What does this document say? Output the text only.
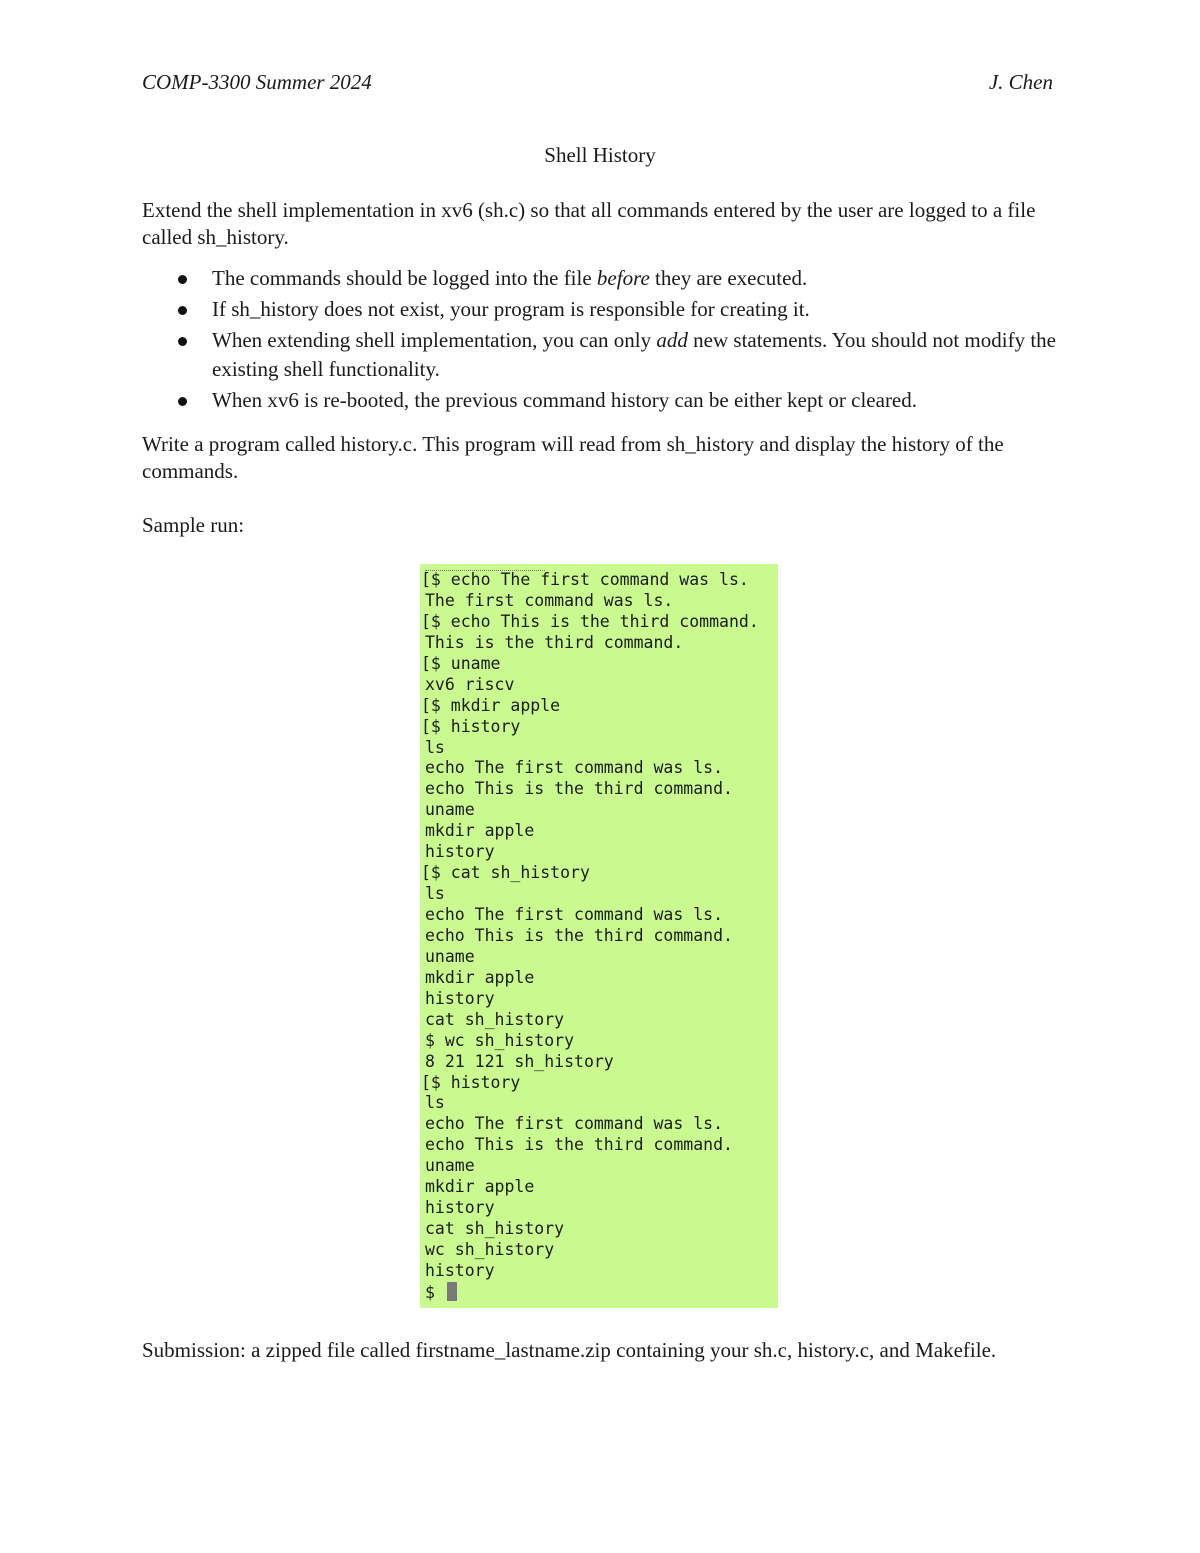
COMP-3300 Summer 2024	J. Chen
Shell History
Extend the shell implementation in xv6 (sh.c) so that all commands entered by the user are logged to a file called sh_history.
The commands should be logged into the file before they are executed.
If sh_history does not exist, your program is responsible for creating it.
When extending shell implementation, you can only add new statements. You should not modify the existing shell functionality.
When xv6 is re-booted, the previous command history can be either kept or cleared.
Write a program called history.c. This program will read from sh_history and display the history of the commands.
Sample run:
[$ echo The first command was ls.
The first command was ls.
[$ echo This is the third command.
This is the third command.
[$ uname
xv6 riscv
[$ mkdir apple
[$ history
ls
echo The first command was ls.
echo This is the third command.
uname
mkdir apple
history
[$ cat sh_history
ls
echo The first command was ls.
echo This is the third command.
uname
mkdir apple
history
cat sh_history
$ wc sh_history
8 21 121 sh_history
[$ history
ls
echo The first command was ls.
echo This is the third command.
uname
mkdir apple
history
cat sh_history
wc sh_history
history
$
Submission: a zipped file called firstname_lastname.zip containing your sh.c, history.c, and Makefile.
